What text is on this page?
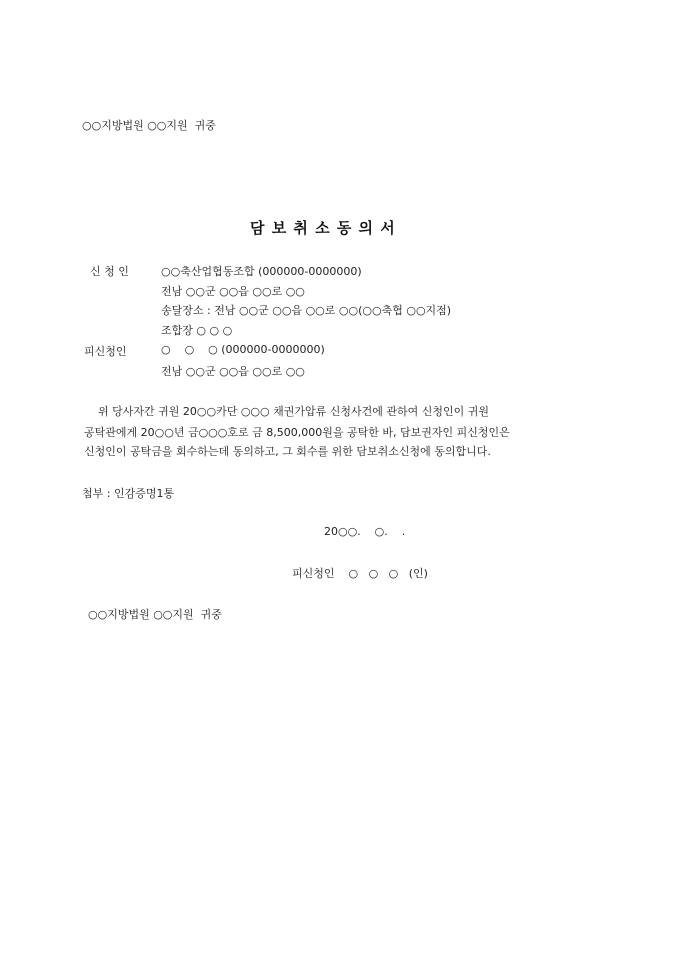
○○지방법원 ○○지원  귀중
담 보 취 소 동 의 서
신 청 인	○○축산업협동조합 (000000-0000000)
전남 ○○군 ○○읍 ○○로 ○○
송달장소 : 전남 ○○군 ○○읍 ○○로 ○○(○○축협 ○○지점)
조합장 ○ ○ ○
피신청인	○    ○    ○ (000000-0000000)
전남 ○○군 ○○읍 ○○로 ○○
위 당사자간 귀원 20○○카단 ○○○ 채권가압류 신청사건에 관하여 신청인이 귀원
공탁관에게 20○○년 금○○○호로 금 8,500,000원을 공탁한 바, 담보권자인 피신청인은
신청인이 공탁금을 회수하는데 동의하고, 그 회수를 위한 담보취소신청에 동의합니다.
첨부 : 인감증명1통
20○○.    ○.    .
피신청인    ○   ○   ○   (인)
○○지방법원 ○○지원  귀중
